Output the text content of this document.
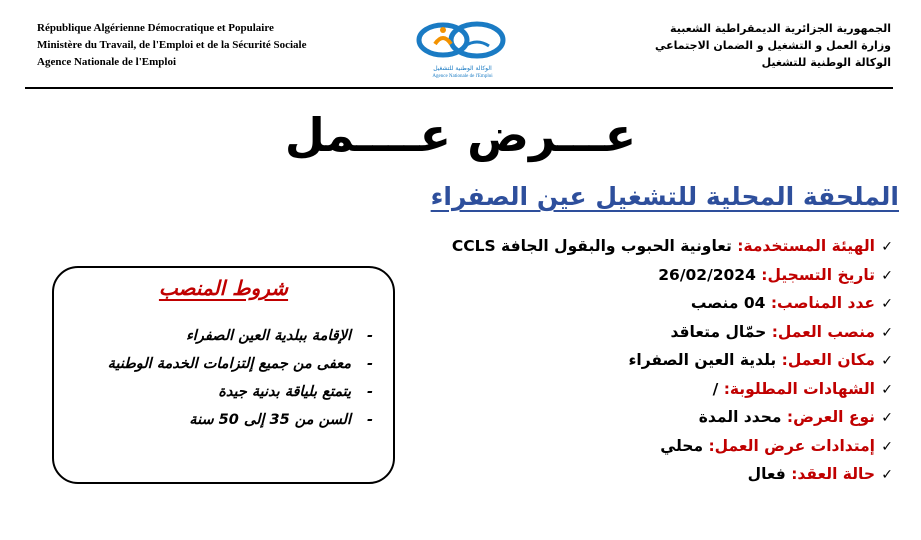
République Algérienne Démocratique et Populaire
Ministère du Travail, de l'Emploi et de la Sécurité Sociale
Agence Nationale de l'Emploi
الوكالة الوطنية للتشغيل
Agence Nationale de l'Emploi
الجمهورية الجزائرية الديمقراطية الشعبية
وزارة العمل و التشغيل و الضمان الاجتماعي
الوكالة الوطنية للتشغيل
عـــرض عــــمل
الملحقة المحلية للتشغيل عين الصفراء
✓الهيئة المستخدمة: تعاونية الحبوب والبقول الجافة CCLS
✓تاريخ التسجيل: 26/02/2024
✓عدد المناصب: 04 منصب
✓منصب العمل: حمّال متعاقد
✓مكان العمل: بلدية العين الصفراء
✓الشهادات المطلوبة: /
✓نوع العرض: محدد المدة
✓إمتدادات عرض العمل: محلي
✓حالة العقد: فعال
شروط المنصب
-الإقامة ببلدية العين الصفراء
-معفى من جميع إلتزامات الخدمة الوطنية
-يتمتع بلياقة بدنية جيدة
-السن من 35 إلى 50 سنة
